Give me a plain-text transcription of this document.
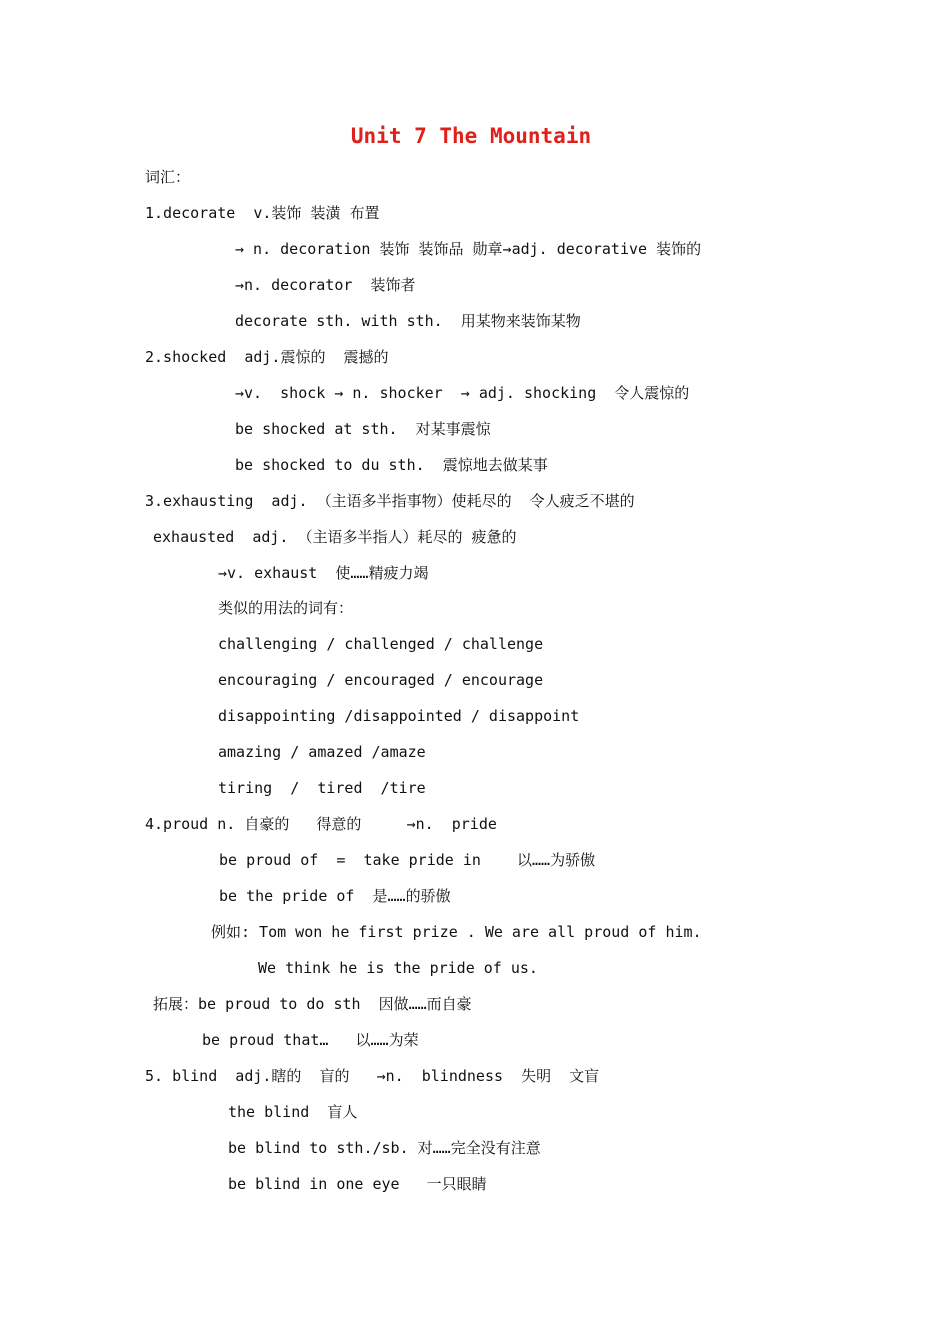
Unit 7 The Mountain
词汇：
1.decorate  v.装饰 装潢 布置
→ n. decoration 装饰 装饰品 勋章→adj. decorative 装饰的
→n. decorator  装饰者
decorate sth. with sth.  用某物来装饰某物
2.shocked  adj.震惊的  震撼的
→v.  shock → n. shocker  → adj. shocking  令人震惊的
be shocked at sth.  对某事震惊
be shocked to du sth.  震惊地去做某事
3.exhausting  adj. （主语多半指事物）使耗尽的  令人疲乏不堪的
exhausted  adj. （主语多半指人）耗尽的 疲惫的
→v. exhaust  使……精疲力竭
类似的用法的词有：
challenging / challenged / challenge
encouraging / encouraged / encourage
disappointing /disappointed / disappoint
amazing / amazed /amaze
tiring  /  tired  /tire
4.proud n. 自豪的   得意的     →n.  pride
be proud of  =  take pride in    以……为骄傲
be the pride of  是……的骄傲
例如: Tom won he first prize . We are all proud of him.
We think he is the pride of us.
拓展：be proud to do sth  因做……而自豪
be proud that…   以……为荣
5. blind  adj.瞎的  盲的   →n.  blindness  失明  文盲
the blind  盲人
be blind to sth./sb. 对……完全没有注意
be blind in one eye   一只眼睛
